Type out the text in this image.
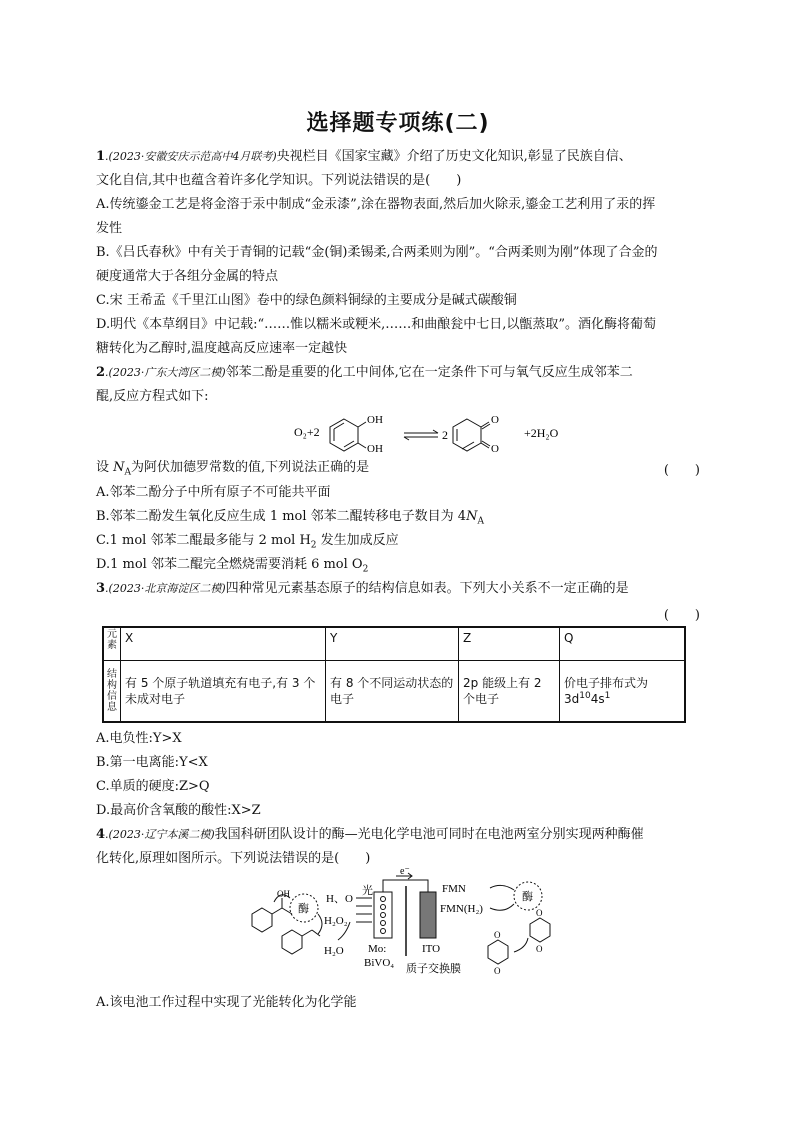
选择题专项练(二)
1.(2023·安徽安庆示范高中4月联考)央视栏目《国家宝藏》介绍了历史文化知识,彰显了民族自信、
文化自信,其中也蕴含着许多化学知识。下列说法错误的是(　　)
A.传统鎏金工艺是将金溶于汞中制成“金汞漆”,涂在器物表面,然后加火除汞,鎏金工艺利用了汞的挥
发性
B.《吕氏春秋》中有关于青铜的记载“金(铜)柔锡柔,合两柔则为刚”。“合两柔则为刚”体现了合金的
硬度通常大于各组分金属的特点
C.宋 王希孟《千里江山图》卷中的绿色颜料铜绿的主要成分是碱式碳酸铜
D.明代《本草纲目》中记载:“……惟以糯米或粳米,……和曲酿瓮中七日,以甑蒸取”。酒化酶将葡萄
糖转化为乙醇时,温度越高反应速率一定越快
2.(2023·广东大湾区二模)邻苯二酚是重要的化工中间体,它在一定条件下可与氧气反应生成邻苯二
醌,反应方程式如下:
O₂+2
OH
OH
2
O
O
+2H₂O
设 $N_A$为阿伏加德罗常数的值,下列说法正确的是	(　　)
A.邻苯二酚分子中所有原子不可能共平面
B.邻苯二酚发生氧化反应生成 1 mol 邻苯二醌转移电子数目为 $4N_A$
C.1 mol 邻苯二醌最多能与 2 mol $H_2$ 发生加成反应
D.1 mol 邻苯二醌完全燃烧需要消耗 6 mol $O_2$
3.(2023·北京海淀区二模)四种常见元素基态原子的结构信息如表。下列大小关系不一定正确的是
(　　)
元素	X	Y	Z	Q
结构信息	有 5 个原子轨道填充有电子,有 3 个未成对电子	有 8 个不同运动状态的电子	2p 能级上有 2 个电子	价电子排布式为
$3d^{10}4s^1$
A.电负性:Y>X
B.第一电离能:Y<X
C.单质的硬度:Z>Q
D.最高价含氧酸的酸性:X>Z
4.(2023·辽宁本溪二模)我国科研团队设计的酶—光电化学电池可同时在电池两室分别实现两种酶催
化转化,原理如图所示。下列说法错误的是(　　)
OH
酶
H、O
H₂O₂
H₂O
光
e⁻
Mo:
BiVO₄
ITO
质子交换膜
FMN
FMN(H₂)
酶
O
O
O
O
A.该电池工作过程中实现了光能转化为化学能
